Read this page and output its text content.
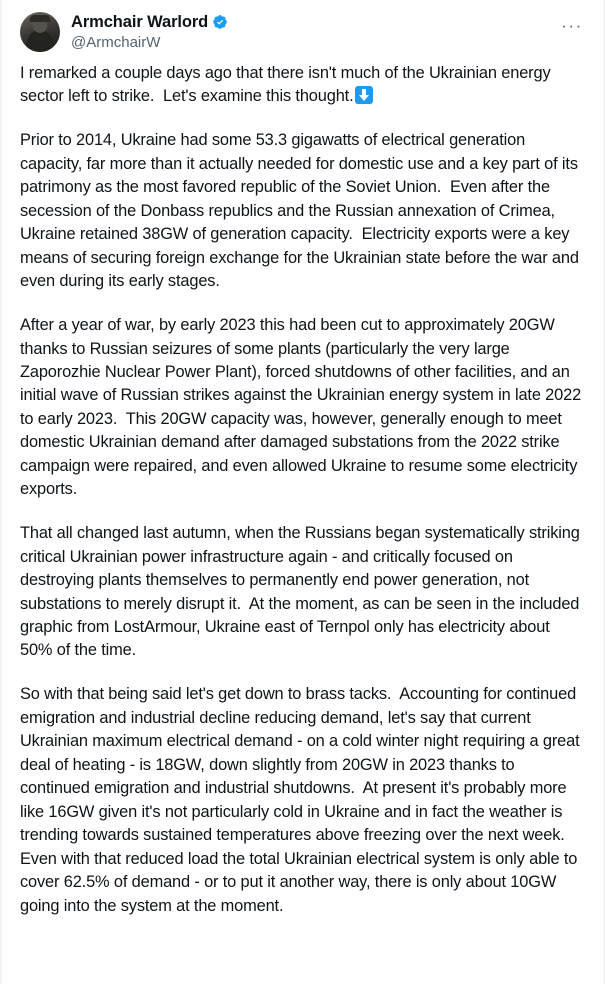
Armchair Warlord
@ArmchairW
···

I remarked a couple days ago that there isn't much of the Ukrainian energy sector left to strike.  Let's examine this thought.

Prior to 2014, Ukraine had some 53.3 gigawatts of electrical generation capacity, far more than it actually needed for domestic use and a key part of its patrimony as the most favored republic of the Soviet Union.  Even after the secession of the Donbass republics and the Russian annexation of Crimea, Ukraine retained 38GW of generation capacity.  Electricity exports were a key means of securing foreign exchange for the Ukrainian state before the war and even during its early stages.

After a year of war, by early 2023 this had been cut to approximately 20GW thanks to Russian seizures of some plants (particularly the very large Zaporozhie Nuclear Power Plant), forced shutdowns of other facilities, and an initial wave of Russian strikes against the Ukrainian energy system in late 2022 to early 2023.  This 20GW capacity was, however, generally enough to meet domestic Ukrainian demand after damaged substations from the 2022 strike campaign were repaired, and even allowed Ukraine to resume some electricity exports.

That all changed last autumn, when the Russians began systematically striking critical Ukrainian power infrastructure again - and critically focused on destroying plants themselves to permanently end power generation, not substations to merely disrupt it.  At the moment, as can be seen in the included graphic from LostArmour, Ukraine east of Ternpol only has electricity about 50% of the time.

So with that being said let's get down to brass tacks.  Accounting for continued emigration and industrial decline reducing demand, let's say that current Ukrainian maximum electrical demand - on a cold winter night requiring a great deal of heating - is 18GW, down slightly from 20GW in 2023 thanks to continued emigration and industrial shutdowns.  At present it's probably more like 16GW given it's not particularly cold in Ukraine and in fact the weather is trending towards sustained temperatures above freezing over the next week.  Even with that reduced load the total Ukrainian electrical system is only able to cover 62.5% of demand - or to put it another way, there is only about 10GW going into the system at the moment.
